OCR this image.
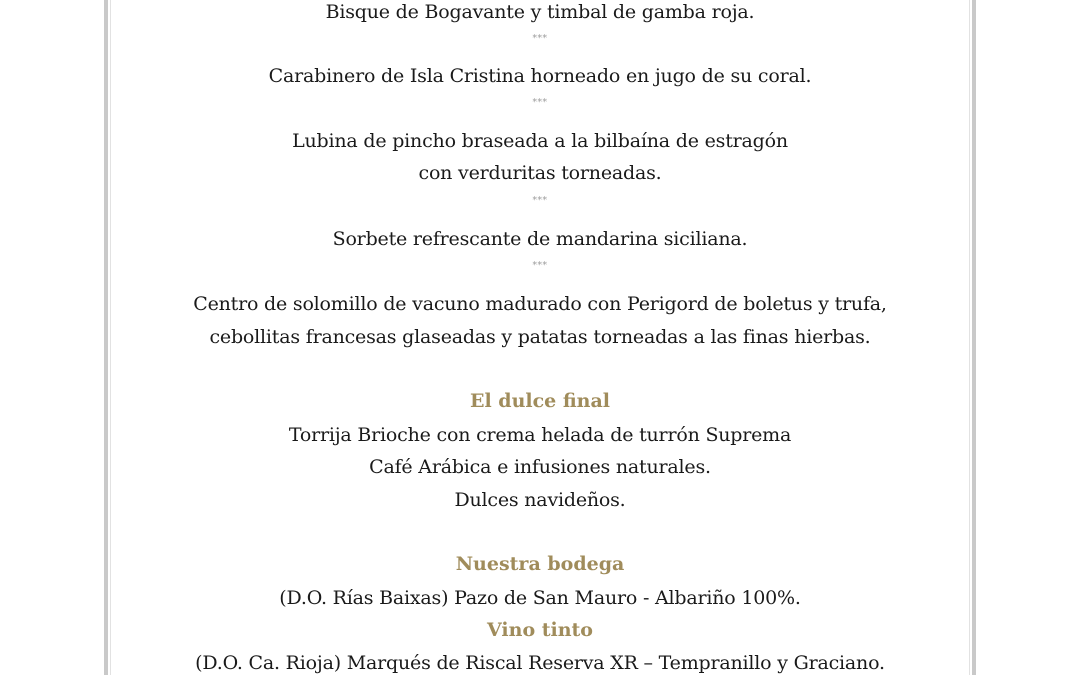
Bisque de Bogavante y timbal de gamba roja.
***
Carabinero de Isla Cristina horneado en jugo de su coral.
***
Lubina de pincho braseada a la bilbaína de estragón
con verduritas torneadas.
***
Sorbete refrescante de mandarina siciliana.
***
Centro de solomillo de vacuno madurado con Perigord de boletus y trufa,
cebollitas francesas glaseadas y patatas torneadas a las finas hierbas.
El dulce final
Torrija Brioche con crema helada de turrón Suprema
Café Arábica e infusiones naturales.
Dulces navideños.
Nuestra bodega
(D.O. Rías Baixas) Pazo de San Mauro - Albariño 100%.
Vino tinto
(D.O. Ca. Rioja) Marqués de Riscal Reserva XR – Tempranillo y Graciano.
